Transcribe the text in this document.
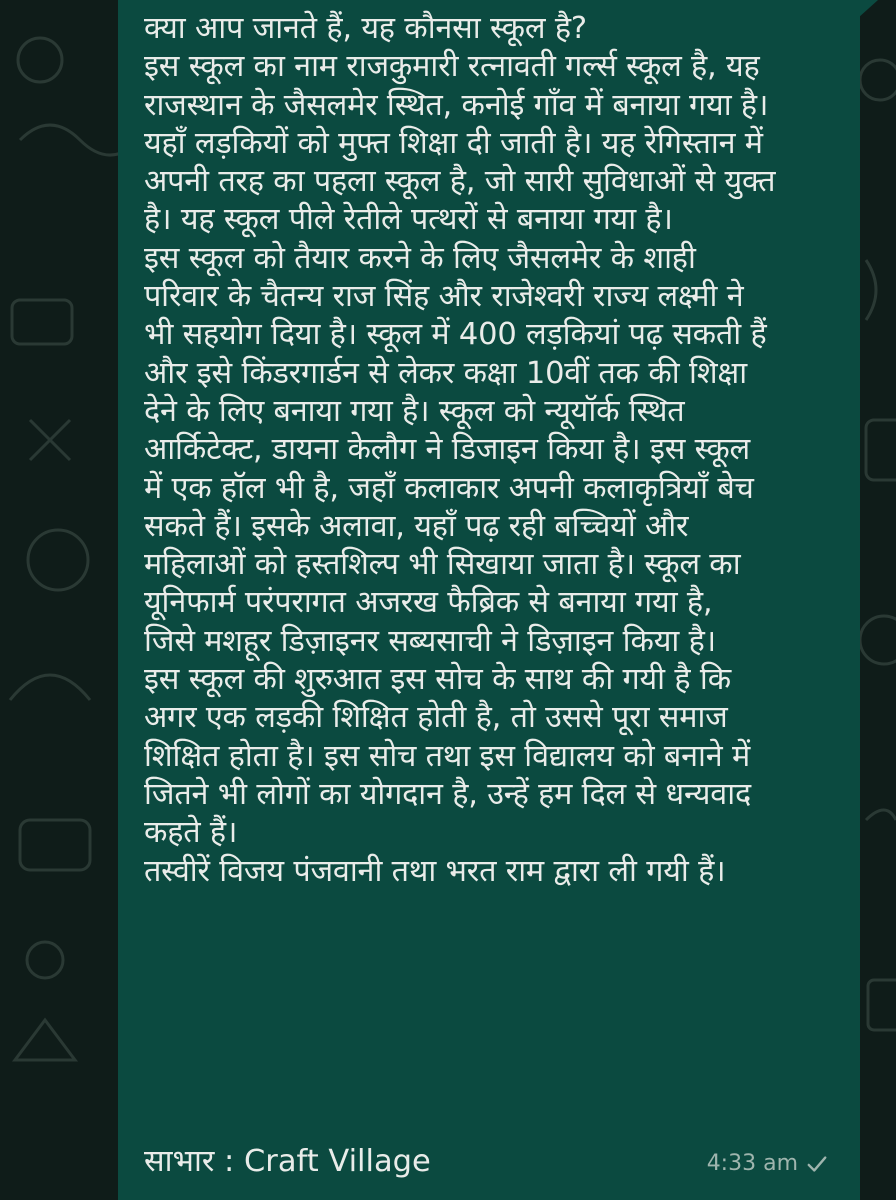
क्या आप जानते हैं, यह कौनसा स्कूल है?
इस स्कूल का नाम राजकुमारी रत्नावती गर्ल्स स्कूल है, यह
राजस्थान के जैसलमेर स्थित, कनोई गाँव में बनाया गया है।
यहाँ लड़कियों को मुफ्त शिक्षा दी जाती है। यह रेगिस्तान में
अपनी तरह का पहला स्कूल है, जो सारी सुविधाओं से युक्त
है। यह स्कूल पीले रेतीले पत्थरों से बनाया गया है।
इस स्कूल को तैयार करने के लिए जैसलमेर के शाही
परिवार के चैतन्य राज सिंह और राजेश्वरी राज्य लक्ष्मी ने
भी सहयोग दिया है। स्कूल में 400 लड़कियां पढ़ सकती हैं
और इसे किंडरगार्डन से लेकर कक्षा 10वीं तक की शिक्षा
देने के लिए बनाया गया है। स्कूल को न्यूयॉर्क स्थित
आर्किटेक्ट, डायना केलौग ने डिजाइन किया है। इस स्कूल
में एक हॉल भी है, जहाँ कलाकार अपनी कलाकृत्रियाँ बेच
सकते हैं। इसके अलावा, यहाँ पढ़ रही बच्चियों और
महिलाओं को हस्तशिल्प भी सिखाया जाता है। स्कूल का
यूनिफार्म परंपरागत अजरख फैब्रिक से बनाया गया है,
जिसे मशहूर डिज़ाइनर सब्यसाची ने डिज़ाइन किया है।
इस स्कूल की शुरुआत इस सोच के साथ की गयी है कि
अगर एक लड़की शिक्षित होती है, तो उससे पूरा समाज
शिक्षित होता है। इस सोच तथा इस विद्यालय को बनाने में
जितने भी लोगों का योगदान है, उन्हें हम दिल से धन्यवाद
कहते हैं।
तस्वीरें विजय पंजवानी तथा भरत राम द्वारा ली गयी हैं।
साभार : Craft Village	4:33 am
